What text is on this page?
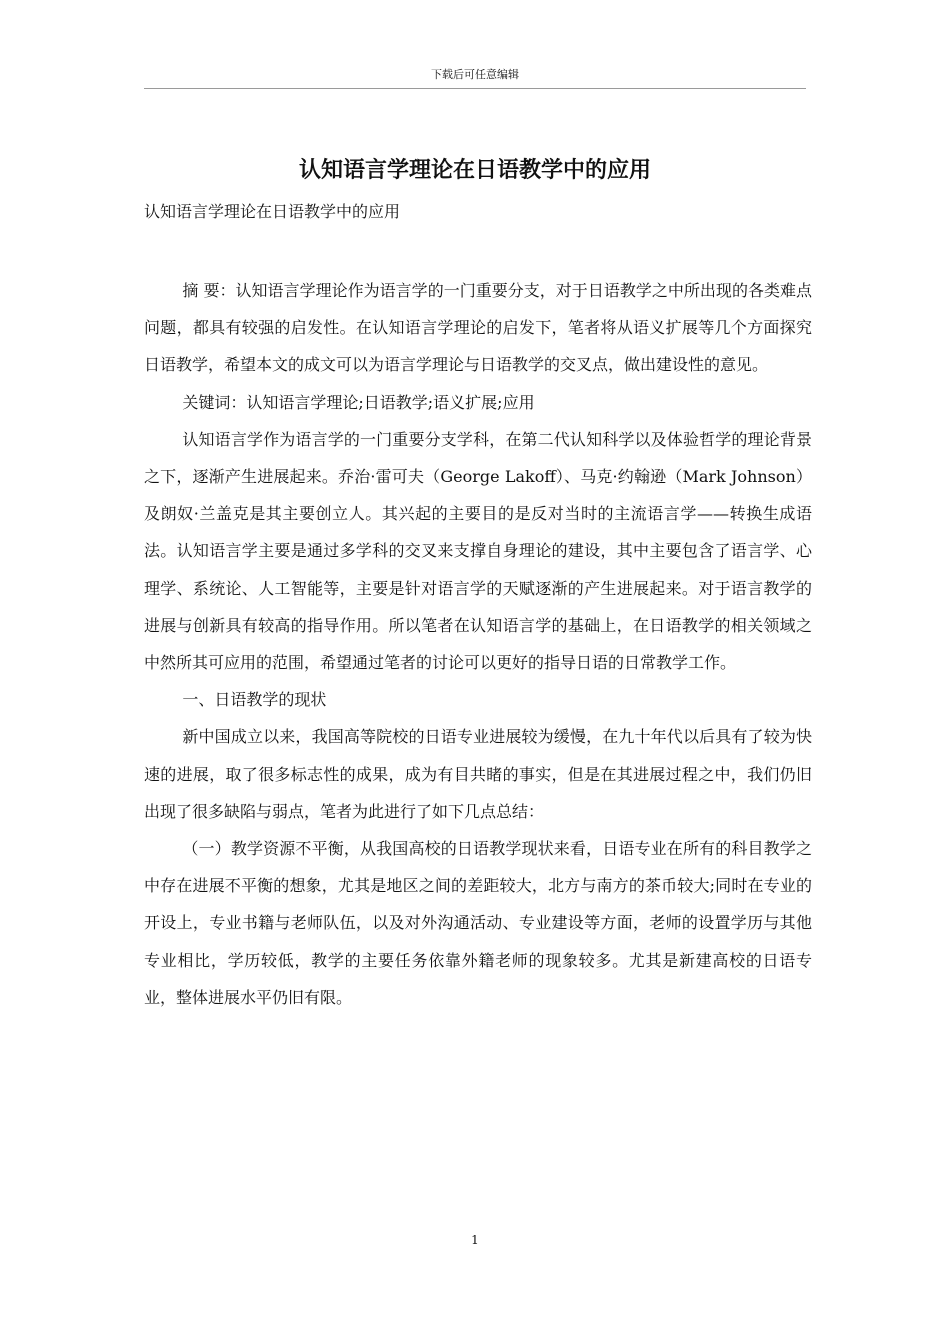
下载后可任意编辑
认知语言学理论在日语教学中的应用

认知语言学理论在日语教学中的应用

摘 要：认知语言学理论作为语言学的一门重要分支，对于日语教学之中所出现的各类难点问题，都具有较强的启发性。在认知语言学理论的启发下，笔者将从语义扩展等几个方面探究日语教学，希望本文的成文可以为语言学理论与日语教学的交叉点，做出建设性的意见。

关键词：认知语言学理论;日语教学;语义扩展;应用

认知语言学作为语言学的一门重要分支学科，在第二代认知科学以及体验哲学的理论背景之下，逐渐产生进展起来。乔治·雷可夫（George Lakoff）、马克·约翰逊（Mark Johnson）及朗奴·兰盖克是其主要创立人。其兴起的主要目的是反对当时的主流语言学——转换生成语法。认知语言学主要是通过多学科的交叉来支撑自身理论的建设，其中主要包含了语言学、心理学、系统论、人工智能等，主要是针对语言学的天赋逐渐的产生进展起来。对于语言教学的进展与创新具有较高的指导作用。所以笔者在认知语言学的基础上，在日语教学的相关领域之中然所其可应用的范围，希望通过笔者的讨论可以更好的指导日语的日常教学工作。

一、日语教学的现状

新中国成立以来，我国高等院校的日语专业进展较为缓慢，在九十年代以后具有了较为快速的进展，取了很多标志性的成果，成为有目共睹的事实，但是在其进展过程之中，我们仍旧出现了很多缺陷与弱点，笔者为此进行了如下几点总结：

（一）教学资源不平衡，从我国高校的日语教学现状来看，日语专业在所有的科目教学之中存在进展不平衡的想象，尤其是地区之间的差距较大，北方与南方的茶币较大;同时在专业的开设上，专业书籍与老师队伍，以及对外沟通活动、专业建设等方面，老师的设置学历与其他专业相比，学历较低，教学的主要任务依靠外籍老师的现象较多。尤其是新建高校的日语专业，整体进展水平仍旧有限。

1
